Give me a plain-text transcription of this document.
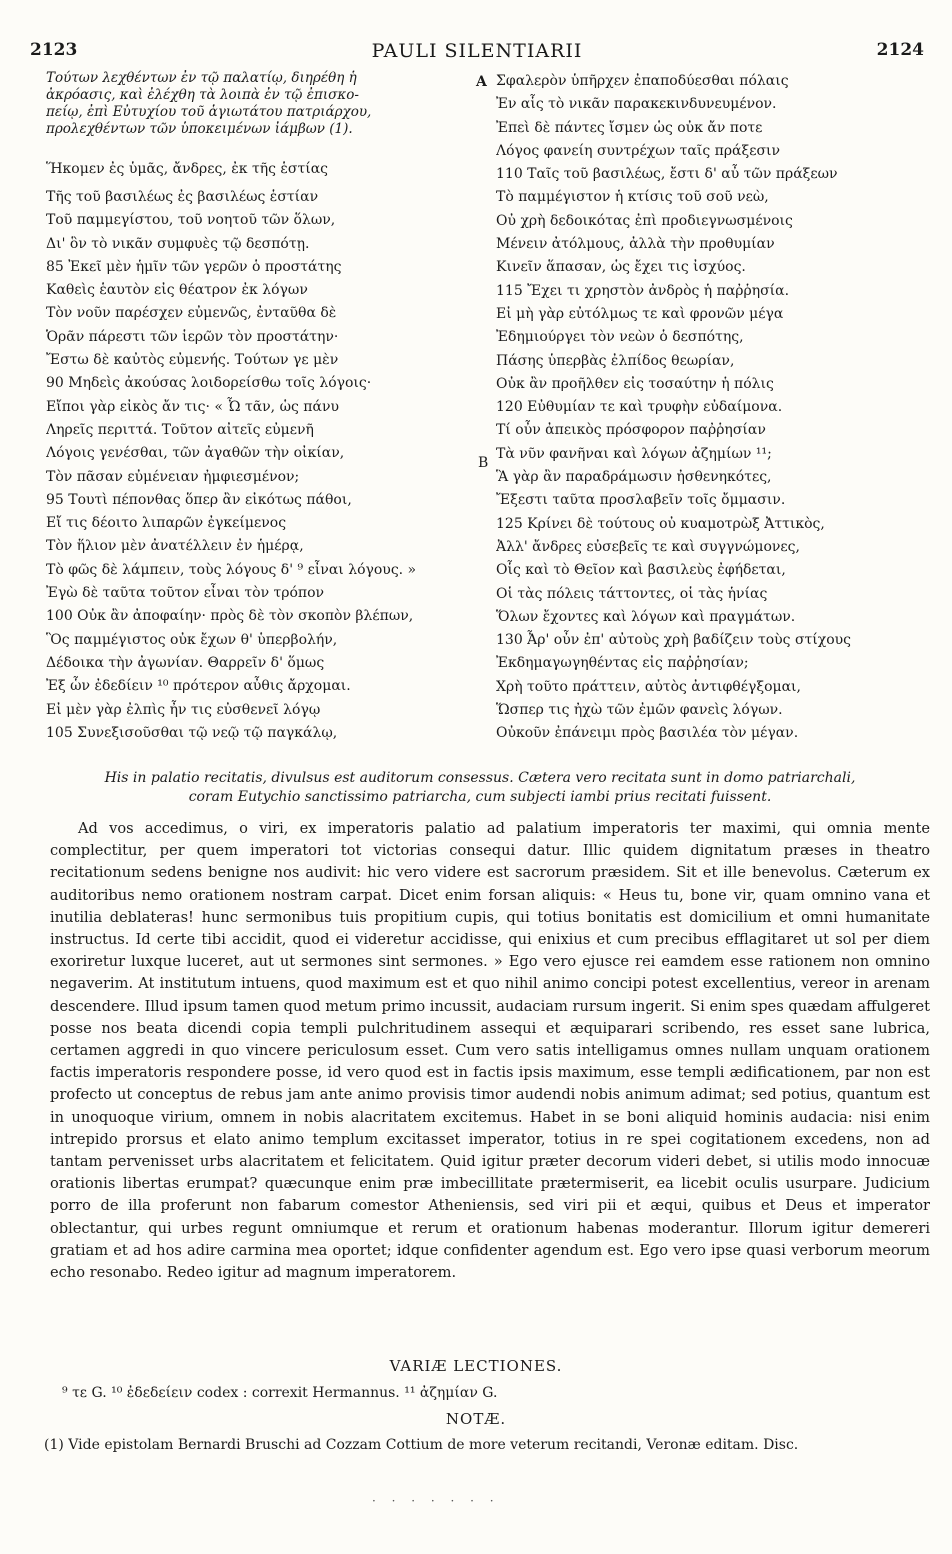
2123	PAULI SILENTIARII	2124
Τούτων λεχθέντων ἐν τῷ παλατίῳ, διηρέθη ἡ
ἀκρόασις, καὶ ἐλέχθη τὰ λοιπὰ ἐν τῷ ἐπισκο-
πείῳ, ἐπὶ Εὐτυχίου τοῦ ἁγιωτάτου πατριάρχου,
προλεχθέντων τῶν ὑποκειμένων ἰάμβων (1).
Ἥκομεν ἐς ὑμᾶς, ἄνδρες, ἐκ τῆς ἑστίας
Τῆς τοῦ βασιλέως ἐς βασιλέως ἑστίαν
Τοῦ παμμεγίστου, τοῦ νοητοῦ τῶν ὅλων,
Δι' ὃν τὸ νικᾶν συμφυὲς τῷ δεσπότῃ.
85 Ἐκεῖ μὲν ἡμῖν τῶν γερῶν ὁ προστάτης
Καθεὶς ἑαυτὸν εἰς θέατρον ἐκ λόγων
Τὸν νοῦν παρέσχεν εὐμενῶς, ἐνταῦθα δὲ
Ὁρᾶν πάρεστι τῶν ἱερῶν τὸν προστάτην·
Ἔστω δὲ καὐτὸς εὐμενής. Τούτων γε μὲν
90 Μηδεὶς ἀκούσας λοιδορείσθω τοῖς λόγοις·
Εἴποι γὰρ εἰκὸς ἄν τις· « Ὦ τᾶν, ὡς πάνυ
Ληρεῖς περιττά. Τοῦτον αἰτεῖς εὐμενῆ
Λόγοις γενέσθαι, τῶν ἀγαθῶν τὴν οἰκίαν,
Τὸν πᾶσαν εὐμένειαν ἠμφιεσμένον;
95 Τουτὶ πέπονθας ὅπερ ἂν εἰκότως πάθοι,
Εἴ τις δέοιτο λιπαρῶν ἐγκείμενος
Τὸν ἥλιον μὲν ἀνατέλλειν ἐν ἡμέρᾳ,
Τὸ φῶς δὲ λάμπειν, τοὺς λόγους δ' ⁹ εἶναι λόγους. »
Ἐγὼ δὲ ταῦτα τοῦτον εἶναι τὸν τρόπον
100 Οὐκ ἂν ἀποφαίην· πρὸς δὲ τὸν σκοπὸν βλέπων,
Ὃς παμμέγιστος οὐκ ἔχων θ' ὑπερβολήν,
Δέδοικα τὴν ἀγωνίαν. Θαρρεῖν δ' ὅμως
Ἐξ ὧν ἐδεδίειν ¹⁰ πρότερον αὖθις ἄρχομαι.
Εἰ μὲν γὰρ ἐλπὶς ἦν τις εὐσθενεῖ λόγῳ
105 Συνεξισοῦσθαι τῷ νεῷ τῷ παγκάλῳ,
A
B
Σφαλερὸν ὑπῆρχεν ἐπαποδύεσθαι πόλαις
Ἐν αἷς τὸ νικᾶν παρακεκινδυνευμένον.
Ἐπεὶ δὲ πάντες ἴσμεν ὡς οὐκ ἄν ποτε
Λόγος φανείη συντρέχων ταῖς πράξεσιν
110 Ταῖς τοῦ βασιλέως, ἔστι δ' αὖ τῶν πράξεων
Τὸ παμμέγιστον ἡ κτίσις τοῦ σοῦ νεὼ,
Οὐ χρὴ δεδοικότας ἐπὶ προδιεγνωσμένοις
Μένειν ἀτόλμους, ἀλλὰ τὴν προθυμίαν
Κινεῖν ἅπασαν, ὡς ἔχει τις ἰσχύος.
115 Ἔχει τι χρηστὸν ἀνδρὸς ἡ παῤῥησία.
Εἰ μὴ γὰρ εὐτόλμως τε καὶ φρονῶν μέγα
Ἐδημιούργει τὸν νεὼν ὁ δεσπότης,
Πάσης ὑπερβὰς ἐλπίδος θεωρίαν,
Οὐκ ἂν προῆλθεν εἰς τοσαύτην ἡ πόλις
120 Εὐθυμίαν τε καὶ τρυφὴν εὐδαίμονα.
Τί οὖν ἀπεικὸς πρόσφορον παῤῥησίαν
Τὰ νῦν φανῆναι καὶ λόγων ἀζημίων ¹¹;
Ἃ γὰρ ἂν παραδράμωσιν ἠσθενηκότες,
Ἔξεστι ταῦτα προσλαβεῖν τοῖς ὄμμασιν.
125 Κρίνει δὲ τούτους οὐ κυαμοτρὼξ Ἀττικὸς,
Ἀλλ' ἄνδρες εὐσεβεῖς τε καὶ συγγνώμονες,
Οἷς καὶ τὸ Θεῖον καὶ βασιλεὺς ἐφήδεται,
Οἱ τὰς πόλεις τάττοντες, οἱ τὰς ἡνίας
Ὅλων ἔχοντες καὶ λόγων καὶ πραγμάτων.
130 Ἆρ' οὖν ἐπ' αὐτοὺς χρὴ βαδίζειν τοὺς στίχους
Ἐκδημαγωγηθέντας εἰς παῤῥησίαν;
Χρὴ τοῦτο πράττειν, αὐτὸς ἀντιφθέγξομαι,
Ὥσπερ τις ἠχὼ τῶν ἐμῶν φανεὶς λόγων.
Οὐκοῦν ἐπάνειμι πρὸς βασιλέα τὸν μέγαν.
His in palatio recitatis, divulsus est auditorum consessus. Cætera vero recitata sunt in domo patriarchali,
coram Eutychio sanctissimo patriarcha, cum subjecti iambi prius recitati fuissent.

Ad vos accedimus, o viri, ex imperatoris palatio ad palatium imperatoris ter maximi, qui omnia mente complectitur, per quem imperatori tot victorias consequi datur. Illic quidem dignitatum præses in theatro recitationum sedens benigne nos audivit: hic vero videre est sacrorum præsidem. Sit et ille benevolus. Cæterum ex auditoribus nemo orationem nostram carpat. Dicet enim forsan aliquis: « Heus tu, bone vir, quam omnino vana et inutilia deblateras! hunc sermonibus tuis propitium cupis, qui totius bonitatis est domicilium et omni humanitate instructus. Id certe tibi accidit, quod ei videretur accidisse, qui enixius et cum precibus efflagitaret ut sol per diem exoriretur luxque luceret, aut ut sermones sint sermones. » Ego vero ejusce rei eamdem esse rationem non omnino negaverim. At institutum intuens, quod maximum est et quo nihil animo concipi potest excellentius, vereor in arenam descendere. Illud ipsum tamen quod metum primo incussit, audaciam rursum ingerit. Si enim spes quædam affulgeret posse nos beata dicendi copia templi pulchritudinem assequi et æquiparari scribendo, res esset sane lubrica, certamen aggredi in quo vincere periculosum esset. Cum vero satis intelligamus omnes nullam unquam orationem factis imperatoris respondere posse, id vero quod est in factis ipsis maximum, esse templi ædificationem, par non est profecto ut conceptus de rebus jam ante animo provisis timor audendi nobis animum adimat; sed potius, quantum est in unoquoque virium, omnem in nobis alacritatem excitemus. Habet in se boni aliquid hominis audacia: nisi enim intrepido prorsus et elato animo templum excitasset imperator, totius in re spei cogitationem excedens, non ad tantam pervenisset urbs alacritatem et felicitatem. Quid igitur præter decorum videri debet, si utilis modo innocuæ orationis libertas erumpat? quæcunque enim præ imbecillitate prætermiserit, ea licebit oculis usurpare. Judicium porro de illa proferunt non fabarum comestor Atheniensis, sed viri pii et æqui, quibus et Deus et imperator oblectantur, qui urbes regunt omniumque et rerum et orationum habenas moderantur. Illorum igitur demereri gratiam et ad hos adire carmina mea oportet; idque confidenter agendum est. Ego vero ipse quasi verborum meorum echo resonabo. Redeo igitur ad magnum imperatorem.

VARIÆ LECTIONES.
⁹ τε G. ¹⁰ ἐδεδείειν codex : correxit Hermannus. ¹¹ ἀζημίαν G.
NOTÆ.
(1) Vide epistolam Bernardi Bruschi ad Cozzam Cottium de more veterum recitandi, Veronæ editam. Disc.
· · · · · · ·
